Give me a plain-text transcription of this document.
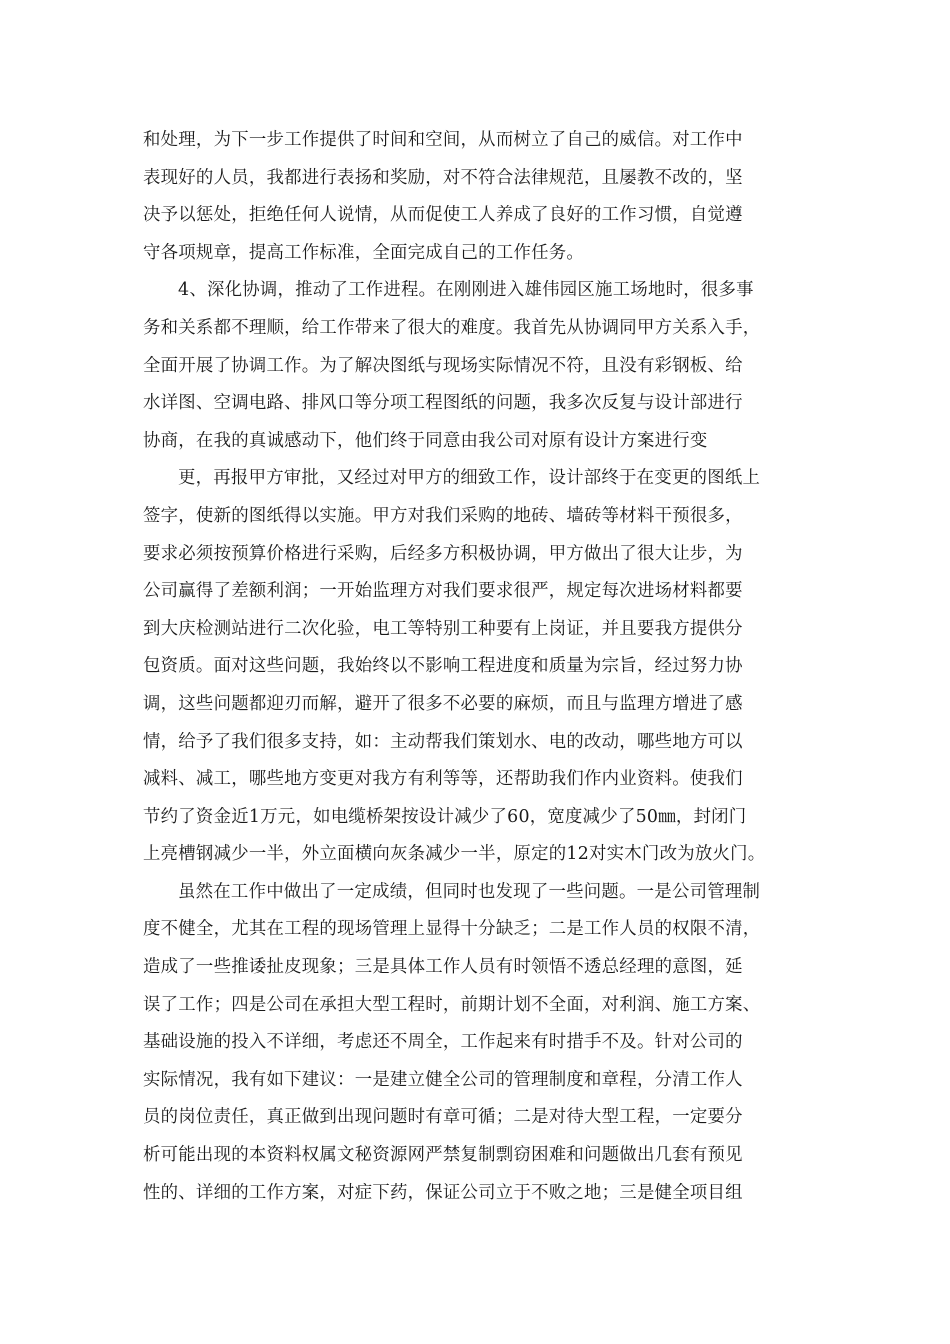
和处理，为下一步工作提供了时间和空间，从而树立了自己的威信。对工作中
表现好的人员，我都进行表扬和奖励，对不符合法律规范，且屡教不改的，坚
决予以惩处，拒绝任何人说情，从而促使工人养成了良好的工作习惯，自觉遵
守各项规章，提高工作标准，全面完成自己的工作任务。
4、深化协调，推动了工作进程。在刚刚进入雄伟园区施工场地时，很多事
务和关系都不理顺，给工作带来了很大的难度。我首先从协调同甲方关系入手，
全面开展了协调工作。为了解决图纸与现场实际情况不符，且没有彩钢板、给
水详图、空调电路、排风口等分项工程图纸的问题，我多次反复与设计部进行
协商，在我的真诚感动下，他们终于同意由我公司对原有设计方案进行变
更，再报甲方审批，又经过对甲方的细致工作，设计部终于在变更的图纸上
签字，使新的图纸得以实施。甲方对我们采购的地砖、墙砖等材料干预很多，
要求必须按预算价格进行采购，后经多方积极协调，甲方做出了很大让步，为
公司赢得了差额利润；一开始监理方对我们要求很严，规定每次进场材料都要
到大庆检测站进行二次化验，电工等特别工种要有上岗证，并且要我方提供分
包资质。面对这些问题，我始终以不影响工程进度和质量为宗旨，经过努力协
调，这些问题都迎刃而解，避开了很多不必要的麻烦，而且与监理方增进了感
情，给予了我们很多支持，如：主动帮我们策划水、电的改动，哪些地方可以
减料、减工，哪些地方变更对我方有利等等，还帮助我们作内业资料。使我们
节约了资金近1万元，如电缆桥架按设计减少了60，宽度减少了50㎜，封闭门
上亮槽钢减少一半，外立面横向灰条减少一半，原定的12对实木门改为放火门。
虽然在工作中做出了一定成绩，但同时也发现了一些问题。一是公司管理制
度不健全，尤其在工程的现场管理上显得十分缺乏；二是工作人员的权限不清，
造成了一些推诿扯皮现象；三是具体工作人员有时领悟不透总经理的意图，延
误了工作；四是公司在承担大型工程时，前期计划不全面，对利润、施工方案、
基础设施的投入不详细，考虑还不周全，工作起来有时措手不及。针对公司的
实际情况，我有如下建议：一是建立健全公司的管理制度和章程，分清工作人
员的岗位责任，真正做到出现问题时有章可循；二是对待大型工程，一定要分
析可能出现的本资料权属文秘资源网严禁复制剽窃困难和问题做出几套有预见
性的、详细的工作方案，对症下药，保证公司立于不败之地；三是健全项目组
